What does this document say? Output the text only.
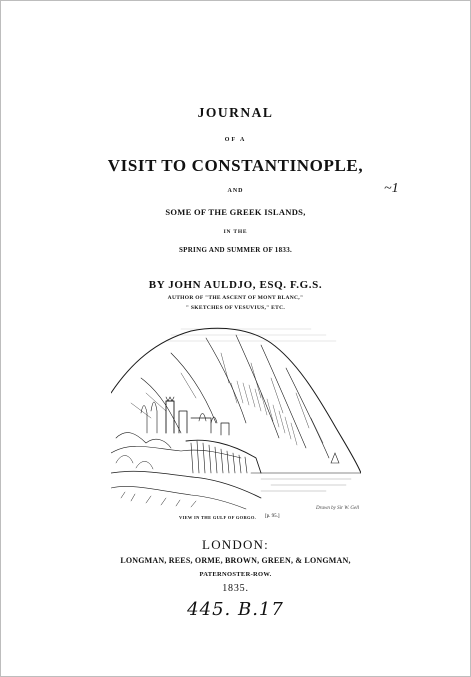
JOURNAL
OF A
VISIT TO CONSTANTINOPLE,
AND
SOME OF THE GREEK ISLANDS,
IN THE
SPRING AND SUMMER OF 1833.
BY JOHN AULDJO, ESQ. F.G.S.
AUTHOR OF "THE ASCENT OF MONT BLANC,"
" SKETCHES OF VESUVIUS," ETC.
~1
Drawn by Sir W. Gell
VIEW IN THE GULF OF GORGO. [p. 95.]
LONDON:
LONGMAN, REES, ORME, BROWN, GREEN, & LONGMAN,
PATERNOSTER-ROW.
1835.
445. B.17
